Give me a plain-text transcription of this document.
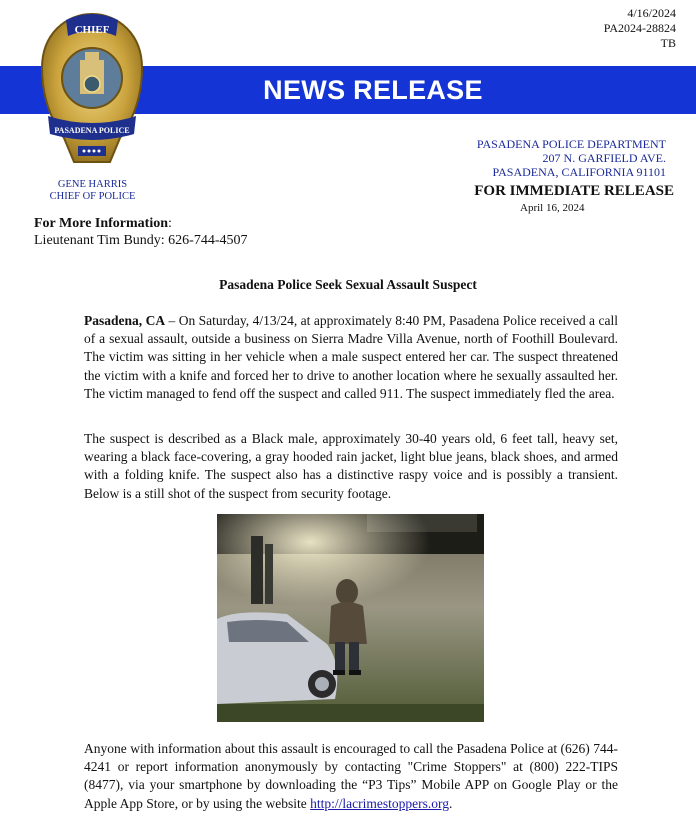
4/16/2024
PA2024-28824
TB
NEWS RELEASE
CHIEF
PASADENA POLICE
GENE HARRIS
CHIEF OF POLICE
PASADENA POLICE DEPARTMENT
207 N. GARFIELD AVE.
PASADENA, CALIFORNIA 91101
FOR IMMEDIATE RELEASE
April 16, 2024
For More Information:
Lieutenant Tim Bundy: 626-744-4507
Pasadena Police Seek Sexual Assault Suspect
Pasadena, CA – On Saturday, 4/13/24, at approximately 8:40 PM, Pasadena Police received a call of a sexual assault, outside a business on Sierra Madre Villa Avenue, north of Foothill Boulevard. The victim was sitting in her vehicle when a male suspect entered her car. The suspect threatened the victim with a knife and forced her to drive to another location where he sexually assaulted her. The victim managed to fend off the suspect and called 911. The suspect immediately fled the area.
The suspect is described as a Black male, approximately 30-40 years old, 6 feet tall, heavy set, wearing a black face-covering, a gray hooded rain jacket, light blue jeans, black shoes, and armed with a folding knife. The suspect also has a distinctive raspy voice and is possibly a transient. Below is a still shot of the suspect from security footage.
Anyone with information about this assault is encouraged to call the Pasadena Police at (626) 744-4241 or report information anonymously by contacting "Crime Stoppers" at (800) 222-TIPS (8477), via your smartphone by downloading the “P3 Tips” Mobile APP on Google Play or the Apple App Store, or by using the website http://lacrimestoppers.org.
